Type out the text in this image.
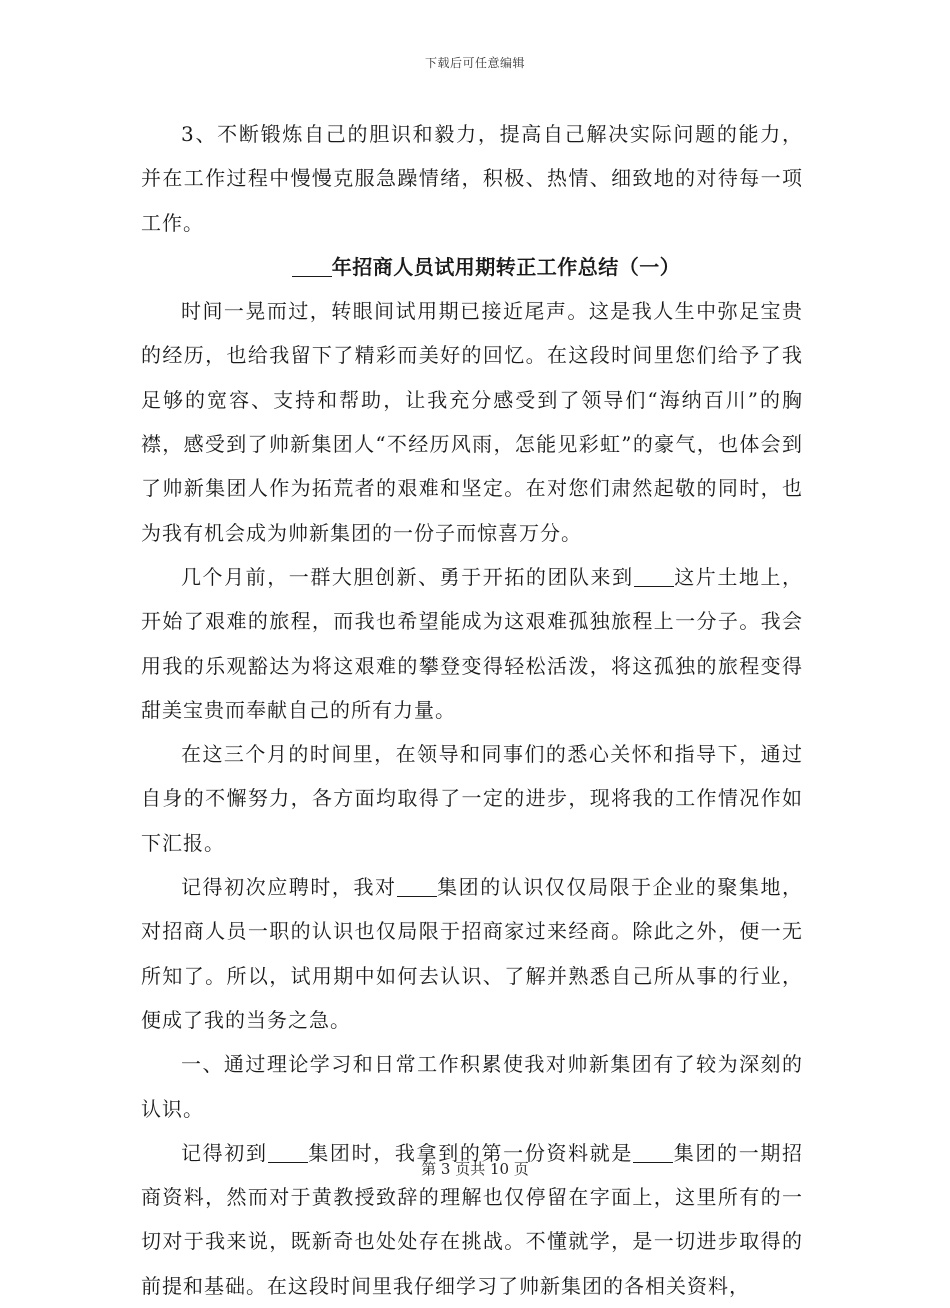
下载后可任意编辑

3、不断锻炼自己的胆识和毅力，提高自己解决实际问题的能力，并在工作过程中慢慢克服急躁情绪，积极、热情、细致地的对待每一项工作。

年招商人员试用期转正工作总结（一）

时间一晃而过，转眼间试用期已接近尾声。这是我人生中弥足宝贵的经历，也给我留下了精彩而美好的回忆。在这段时间里您们给予了我足够的宽容、支持和帮助，让我充分感受到了领导们“海纳百川”的胸襟，感受到了帅新集团人“不经历风雨，怎能见彩虹”的豪气，也体会到了帅新集团人作为拓荒者的艰难和坚定。在对您们肃然起敬的同时，也为我有机会成为帅新集团的一份子而惊喜万分。

几个月前，一群大胆创新、勇于开拓的团队来到 这片土地上，开始了艰难的旅程，而我也希望能成为这艰难孤独旅程上一分子。我会用我的乐观豁达为将这艰难的攀登变得轻松活泼，将这孤独的旅程变得甜美宝贵而奉献自己的所有力量。

在这三个月的时间里，在领导和同事们的悉心关怀和指导下，通过自身的不懈努力，各方面均取得了一定的进步，现将我的工作情况作如下汇报。

记得初次应聘时，我对 集团的认识仅仅局限于企业的聚集地，对招商人员一职的认识也仅局限于招商家过来经商。除此之外，便一无所知了。所以，试用期中如何去认识、了解并熟悉自己所从事的行业，便成了我的当务之急。

一、通过理论学习和日常工作积累使我对帅新集团有了较为深刻的认识。

记得初到 集团时，我拿到的第一份资料就是 集团的一期招商资料，然而对于黄教授致辞的理解也仅停留在字面上，这里所有的一切对于我来说，既新奇也处处存在挑战。不懂就学，是一切进步取得的前提和基础。在这段时间里我仔细学习了帅新集团的各相关资料，

第 3 页共 10 页
